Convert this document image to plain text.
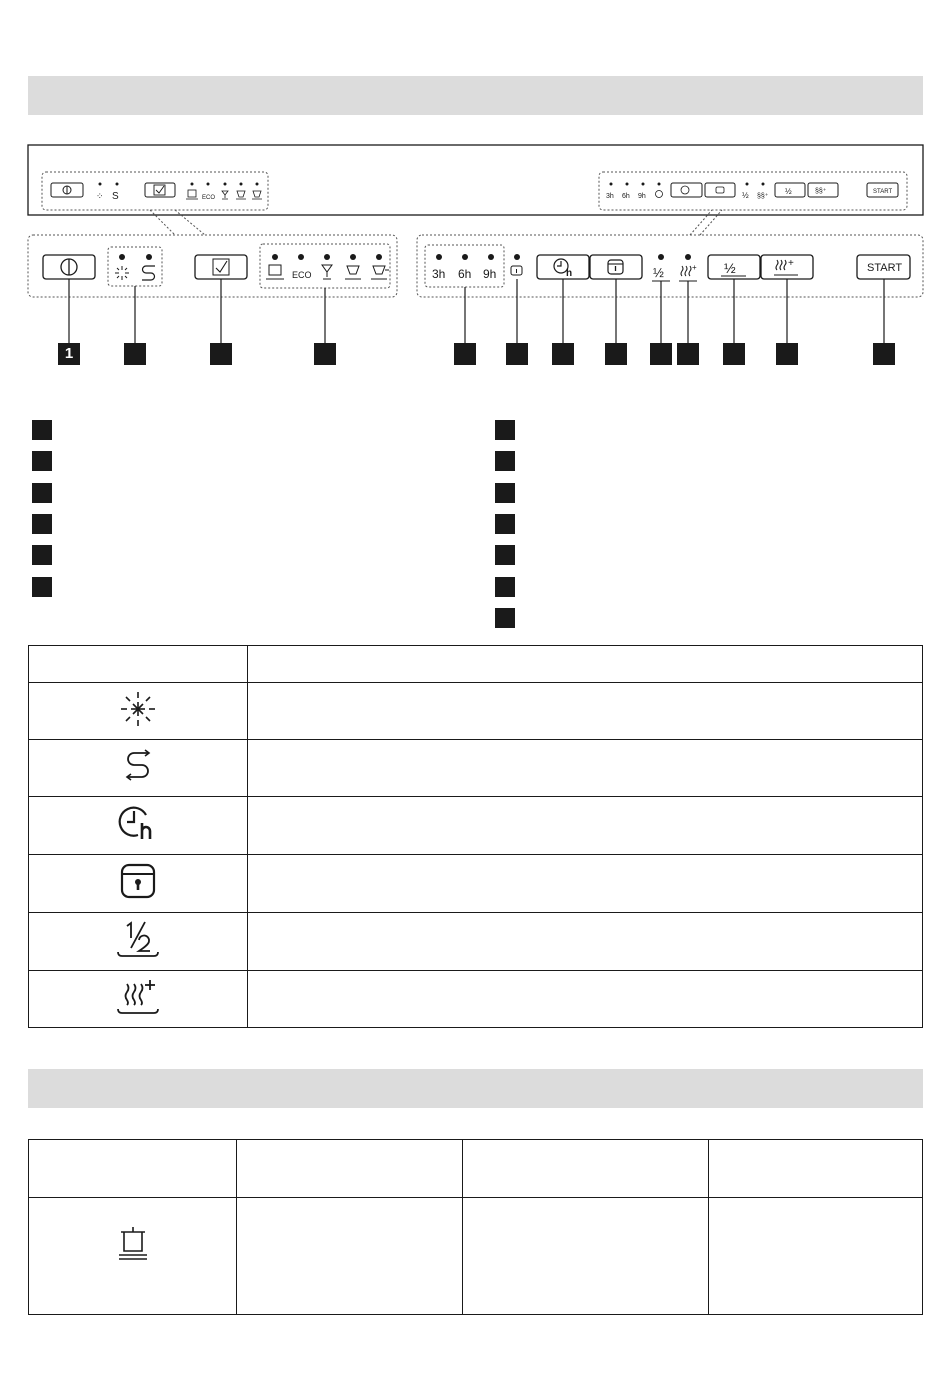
⁘ S	ECO	3h 6h 9h	½ §§⁺
½	§§⁺	START
ECO	3h 6h 9h	h	½	+ ½	+	START
1
